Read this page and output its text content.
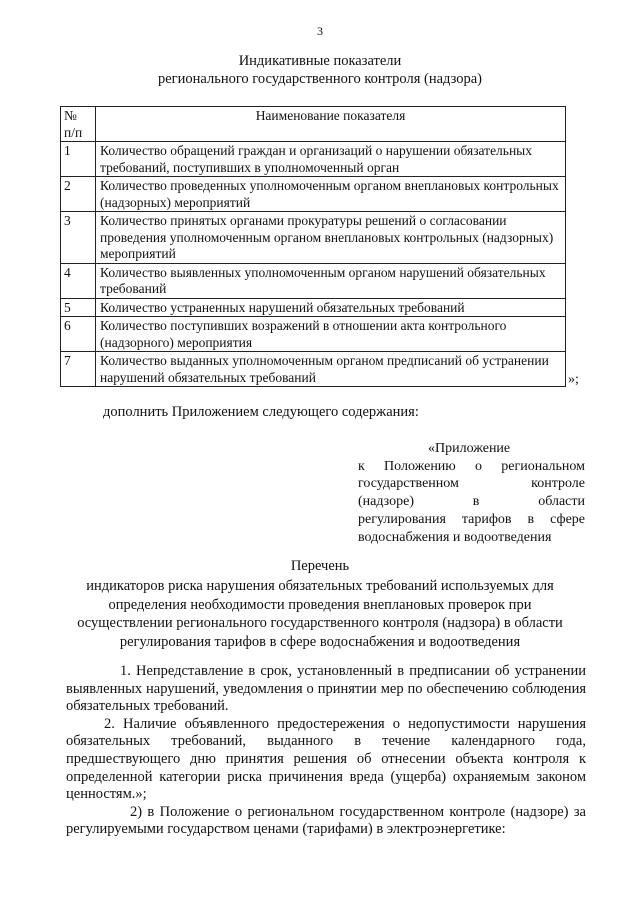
3
Индикативные показатели
регионального государственного контроля (надзора)
№ п/п	Наименование показателя
1	Количество обращений граждан и организаций о нарушении обязательных требований, поступивших в уполномоченный орган
2	Количество проведенных уполномоченным органом внеплановых контрольных (надзорных) мероприятий
3	Количество принятых органами прокуратуры решений о согласовании проведения уполномоченным органом внеплановых контрольных (надзорных) мероприятий
4	Количество выявленных уполномоченным органом нарушений обязательных требований
5	Количество устраненных нарушений обязательных требований
6	Количество поступивших возражений в отношении акта контрольного (надзорного) мероприятия
7	Количество выданных уполномоченным органом предписаний об устранении нарушений обязательных требований	»;
дополнить Приложением следующего содержания:
«Приложение
к Положению о региональном
государственном контроле
(надзоре) в области
регулирования тарифов в сфере
водоснабжения и водоотведения
Перечень
индикаторов риска нарушения обязательных требований используемых для
определения необходимости проведения внеплановых проверок при
осуществлении регионального государственного контроля (надзора) в области
регулирования тарифов в сфере водоснабжения и водоотведения

1. Непредставление в срок, установленный в предписании об устранении выявленных нарушений, уведомления о принятии мер по обеспечению соблюдения обязательных требований.

2. Наличие объявленного предостережения о недопустимости нарушения обязательных требований, выданного в течение календарного года, предшествующего дню принятия решения об отнесении объекта контроля к определенной категории риска причинения вреда (ущерба) охраняемым законом ценностям.»;

2) в Положение о региональном государственном контроле (надзоре) за регулируемыми государством ценами (тарифами) в электроэнергетике:
